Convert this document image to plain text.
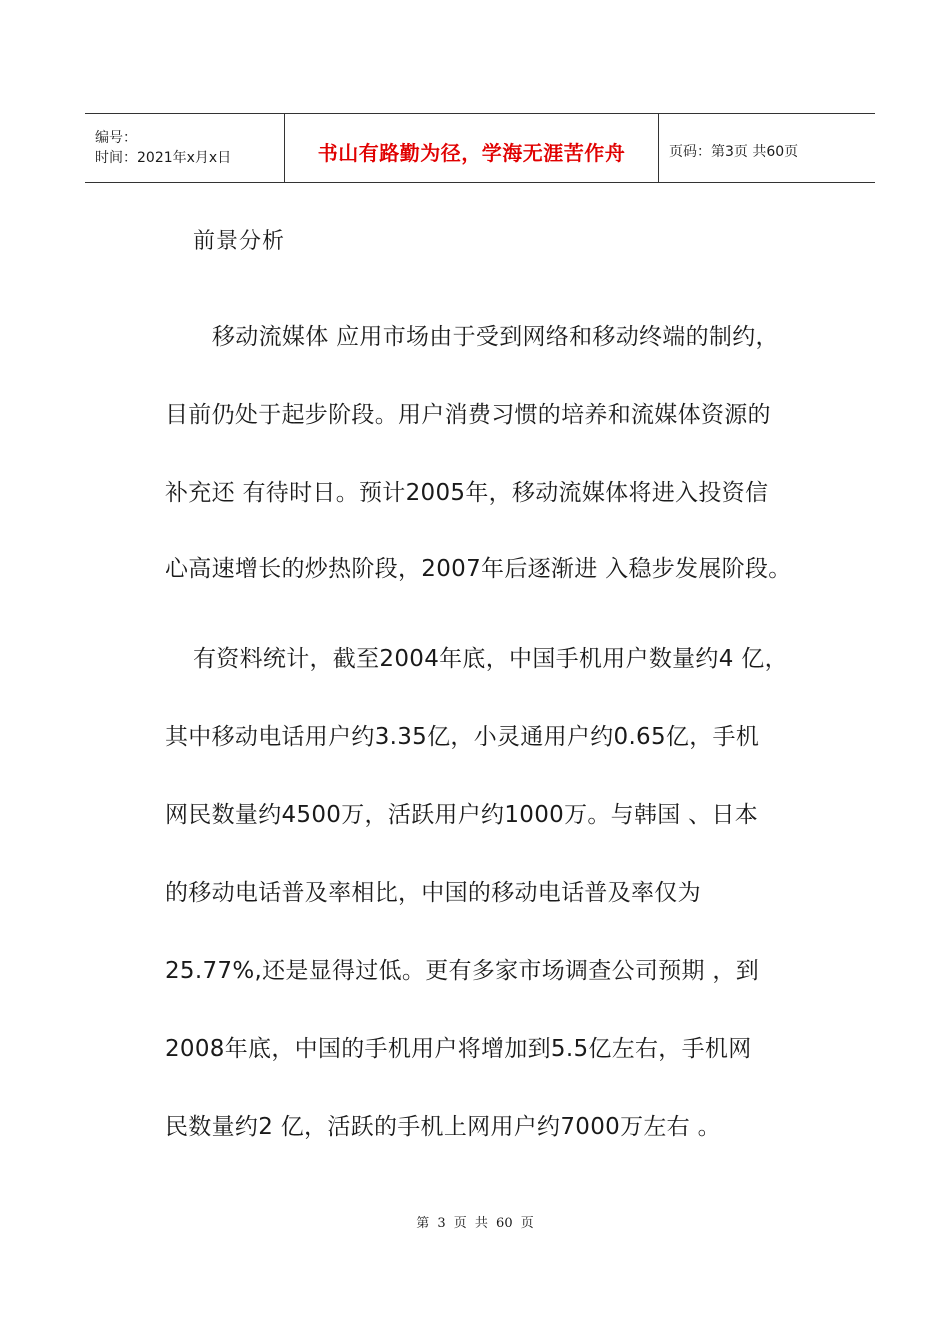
编号：
时间：2021年x月x日	书山有路勤为径，学海无涯苦作舟	页码：第3页 共60页
前景分析
移动流媒体 应用市场由于受到网络和移动终端的制约，
目前仍处于起步阶段。用户消费习惯的培养和流媒体资源的
补充还 有待时日。预计2005年，移动流媒体将进入投资信
心高速增长的炒热阶段，2007年后逐渐进 入稳步发展阶段。
有资料统计，截至2004年底，中国手机用户数量约4 亿，
其中移动电话用户约3.35亿，小灵通用户约0.65亿，手机
网民数量约4500万，活跃用户约1000万。与韩国 、日本
的移动电话普及率相比，中国的移动电话普及率仅为
25.77%,还是显得过低。更有多家市场调查公司预期 ，到
2008年底，中国的手机用户将增加到5.5亿左右，手机网
民数量约2 亿，活跃的手机上网用户约7000万左右 。
第 3 页 共 60 页
